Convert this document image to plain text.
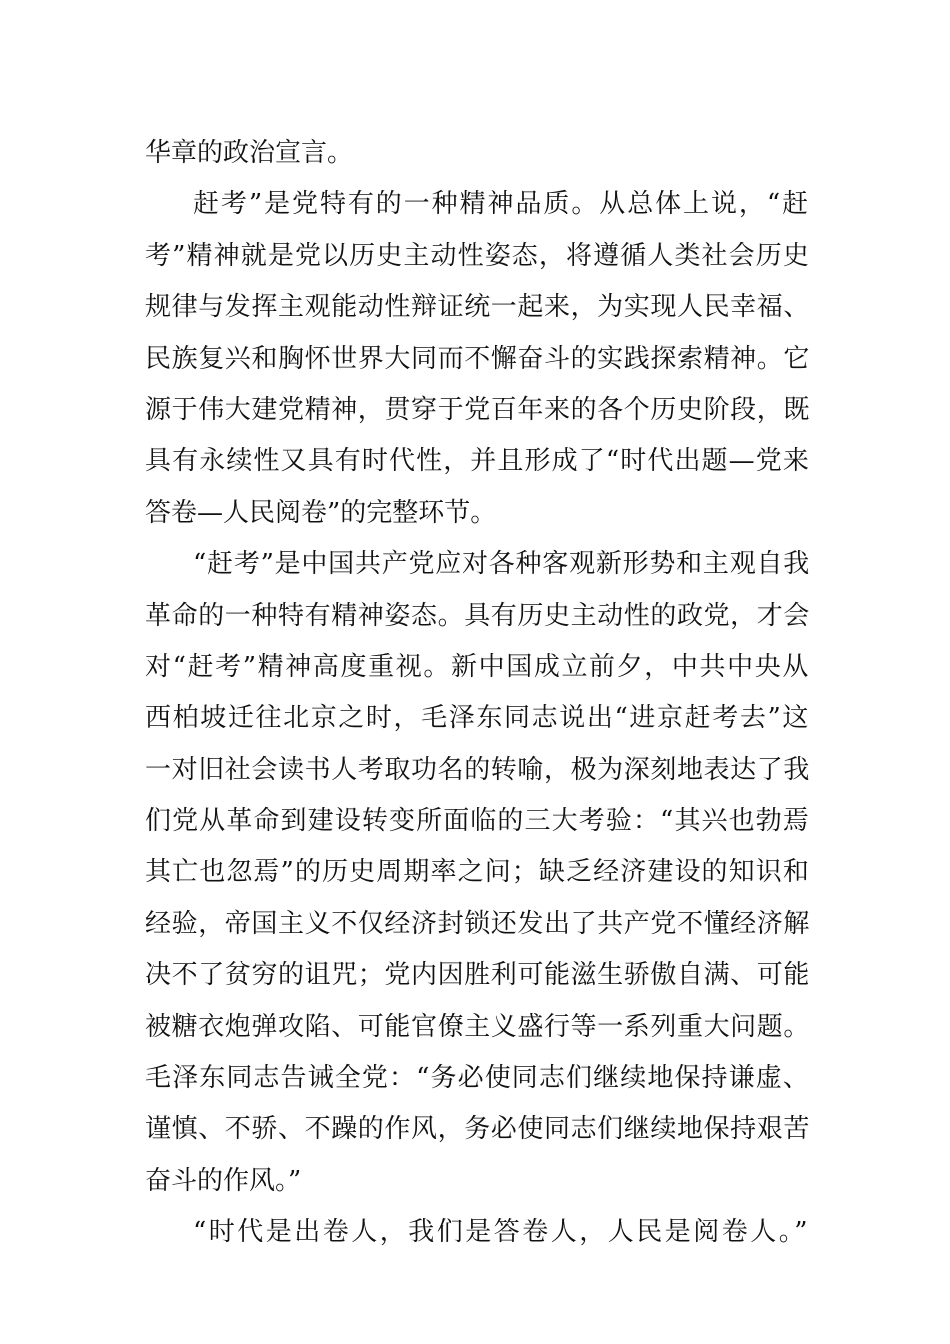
华章的政治宣言。
赶考”是党特有的一种精神品质。从总体上说，“赶
考”精神就是党以历史主动性姿态，将遵循人类社会历史
规律与发挥主观能动性辩证统一起来，为实现人民幸福、
民族复兴和胸怀世界大同而不懈奋斗的实践探索精神。它
源于伟大建党精神，贯穿于党百年来的各个历史阶段，既
具有永续性又具有时代性，并且形成了“时代出题—党来
答卷—人民阅卷”的完整环节。
“赶考”是中国共产党应对各种客观新形势和主观自我
革命的一种特有精神姿态。具有历史主动性的政党，才会
对“赶考”精神高度重视。新中国成立前夕，中共中央从
西柏坡迁往北京之时，毛泽东同志说出“进京赶考去”这
一对旧社会读书人考取功名的转喻，极为深刻地表达了我
们党从革命到建设转变所面临的三大考验：“其兴也勃焉
其亡也忽焉”的历史周期率之问；缺乏经济建设的知识和
经验，帝国主义不仅经济封锁还发出了共产党不懂经济解
决不了贫穷的诅咒；党内因胜利可能滋生骄傲自满、可能
被糖衣炮弹攻陷、可能官僚主义盛行等一系列重大问题。
毛泽东同志告诫全党：“务必使同志们继续地保持谦虚、
谨慎、不骄、不躁的作风，务必使同志们继续地保持艰苦
奋斗的作风。”
“时代是出卷人，我们是答卷人，人民是阅卷人。”
